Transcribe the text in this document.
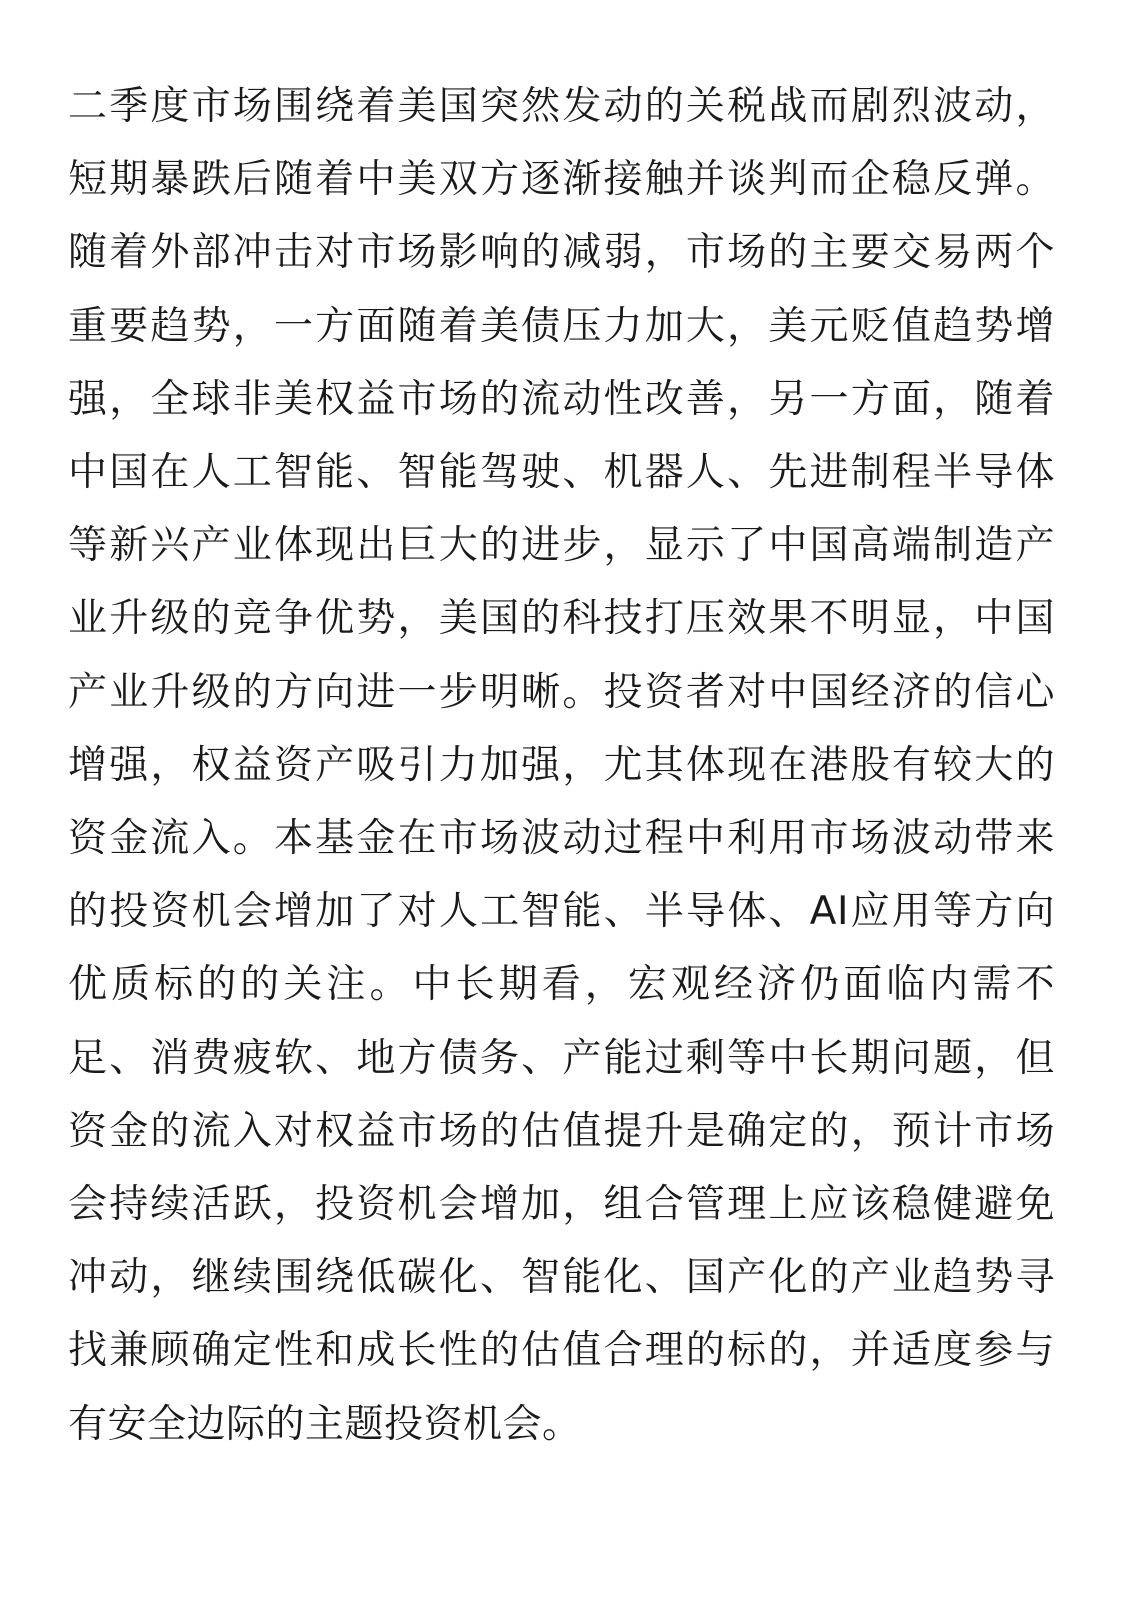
二季度市场围绕着美国突然发动的关税战而剧烈波动，
短期暴跌后随着中美双方逐渐接触并谈判而企稳反弹。
随着外部冲击对市场影响的减弱，市场的主要交易两个
重要趋势，一方面随着美债压力加大，美元贬值趋势增
强，全球非美权益市场的流动性改善，另一方面，随着
中国在人工智能、智能驾驶、机器人、先进制程半导体
等新兴产业体现出巨大的进步，显示了中国高端制造产
业升级的竞争优势，美国的科技打压效果不明显，中国
产业升级的方向进一步明晰。投资者对中国经济的信心
增强，权益资产吸引力加强，尤其体现在港股有较大的
资金流入。本基金在市场波动过程中利用市场波动带来
的投资机会增加了对人工智能、半导体、AI应用等方向
优质标的的关注。中长期看，宏观经济仍面临内需不
足、消费疲软、地方债务、产能过剩等中长期问题，但
资金的流入对权益市场的估值提升是确定的，预计市场
会持续活跃，投资机会增加，组合管理上应该稳健避免
冲动，继续围绕低碳化、智能化、国产化的产业趋势寻
找兼顾确定性和成长性的估值合理的标的，并适度参与
有安全边际的主题投资机会。
